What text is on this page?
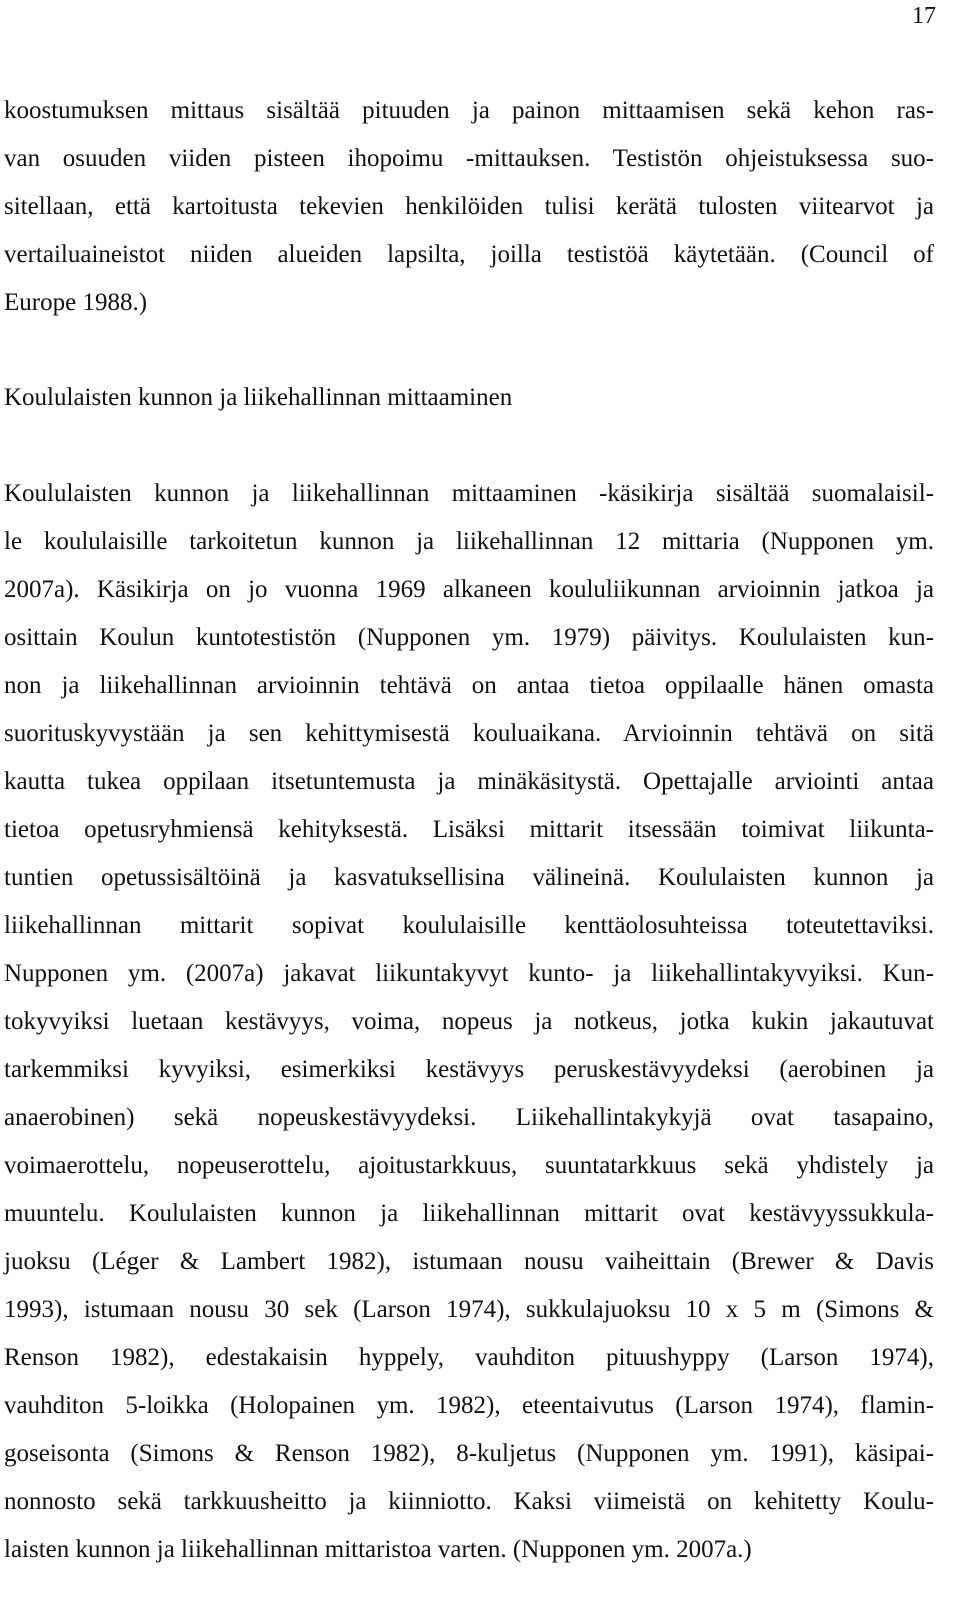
17
koostumuksen mittaus sisältää pituuden ja painon mittaamisen sekä kehon ras-
van osuuden viiden pisteen ihopoimu -mittauksen. Testistön ohjeistuksessa suo-
sitellaan, että kartoitusta tekevien henkilöiden tulisi kerätä tulosten viitearvot ja
vertailuaineistot niiden alueiden lapsilta, joilla testistöä käytetään. (Council of
Europe 1988.)
Koululaisten kunnon ja liikehallinnan mittaaminen
Koululaisten kunnon ja liikehallinnan mittaaminen -käsikirja sisältää suomalaisil-
le koululaisille tarkoitetun kunnon ja liikehallinnan 12 mittaria (Nupponen ym.
2007a). Käsikirja on jo vuonna 1969 alkaneen koululiikunnan arvioinnin jatkoa ja
osittain Koulun kuntotestistön (Nupponen ym. 1979) päivitys. Koululaisten kun-
non ja liikehallinnan arvioinnin tehtävä on antaa tietoa oppilaalle hänen omasta
suorituskyvystään ja sen kehittymisestä kouluaikana. Arvioinnin tehtävä on sitä
kautta tukea oppilaan itsetuntemusta ja minäkäsitystä. Opettajalle arviointi antaa
tietoa opetusryhmiensä kehityksestä. Lisäksi mittarit itsessään toimivat liikunta-
tuntien opetussisältöinä ja kasvatuksellisina välineinä. Koululaisten kunnon ja
liikehallinnan mittarit sopivat koululaisille kenttäolosuhteissa toteutettaviksi.
Nupponen ym. (2007a) jakavat liikuntakyvyt kunto- ja liikehallintakyvyiksi. Kun-
tokyvyiksi luetaan kestävyys, voima, nopeus ja notkeus, jotka kukin jakautuvat
tarkemmiksi kyvyiksi, esimerkiksi kestävyys peruskestävyydeksi (aerobinen ja
anaerobinen) sekä nopeuskestävyydeksi. Liikehallintakykyjä ovat tasapaino,
voimaerottelu, nopeuserottelu, ajoitustarkkuus, suuntatarkkuus sekä yhdistely ja
muuntelu. Koululaisten kunnon ja liikehallinnan mittarit ovat kestävyyssukkula-
juoksu (Léger & Lambert 1982), istumaan nousu vaiheittain (Brewer & Davis
1993), istumaan nousu 30 sek (Larson 1974), sukkulajuoksu 10 x 5 m (Simons &
Renson 1982), edestakaisin hyppely, vauhditon pituushyppy (Larson 1974),
vauhditon 5-loikka (Holopainen ym. 1982), eteentaivutus (Larson 1974), flamin-
goseisonta (Simons & Renson 1982), 8-kuljetus (Nupponen ym. 1991), käsipai-
nonnosto sekä tarkkuusheitto ja kiinniotto. Kaksi viimeistä on kehitetty Koulu-
laisten kunnon ja liikehallinnan mittaristoa varten. (Nupponen ym. 2007a.)
